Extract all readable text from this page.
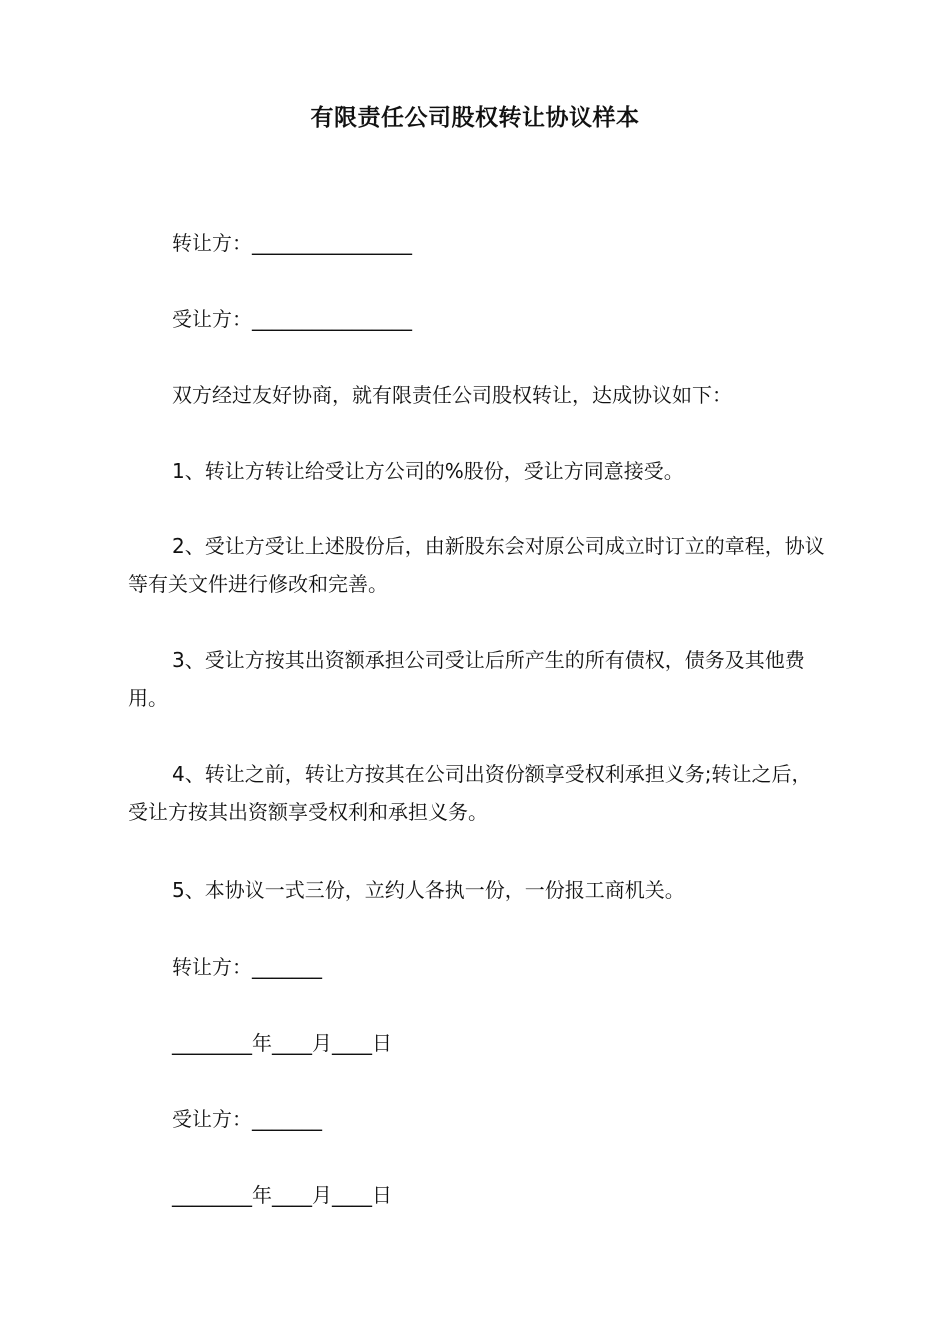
有限责任公司股权转让协议样本
转让方：________________
受让方：________________
双方经过友好协商，就有限责任公司股权转让，达成协议如下：
1、转让方转让给受让方公司的%股份，受让方同意接受。
2、受让方受让上述股份后，由新股东会对原公司成立时订立的章程，协议等有关文件进行修改和完善。
3、受让方按其出资额承担公司受让后所产生的所有债权，债务及其他费用。
4、转让之前，转让方按其在公司出资份额享受权利承担义务;转让之后，受让方按其出资额享受权利和承担义务。
5、本协议一式三份，立约人各执一份，一份报工商机关。
转让方：_______
________年____月____日
受让方：_______
________年____月____日
